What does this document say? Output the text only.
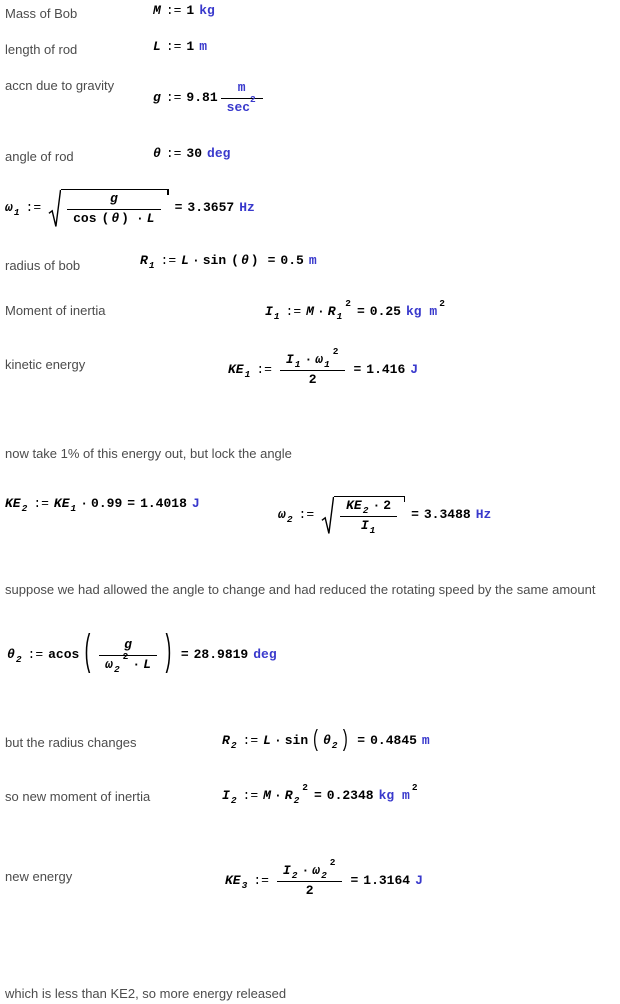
Mass of Bob
length of rod
accn due to gravity
angle of rod
radius of bob
Moment of inertia
kinetic energy
now take 1% of this energy out, but lock the angle
suppose we had allowed the angle to change and had reduced the rotating speed by the same amount
but the radius changes
so new moment of inertia
new energy
which is less than KE2, so more energy released
M := 1 kg
L := 1 m
g := 9.81 m
sec
2
θ := 30 deg
ω 1 :=
g
cos ( θ ) · L
= 3.3657 Hz
R 1 := L · sin ( θ ) = 0.5 m
I 1 := M · R 1
2
= 0.25 kg m
2
KE 1 := I 1 · ω 1
2
2 = 1.416 J
KE 2 := KE 1 · 0.99 = 1.4018 J
ω 2 :=	$\frac{KE 2 \cdot 2}{I 1}$	= 3.3488 Hz
θ 2 := acos ( g
ω 2
2
· L ) = 28.9819 deg
R 2 := L · sin ( θ 2 ) = 0.4845 m
I 2 := M · R 2
2
= 0.2348 kg m
2
KE 3 := I 2 · ω 2
2
2 = 1.3164 J
